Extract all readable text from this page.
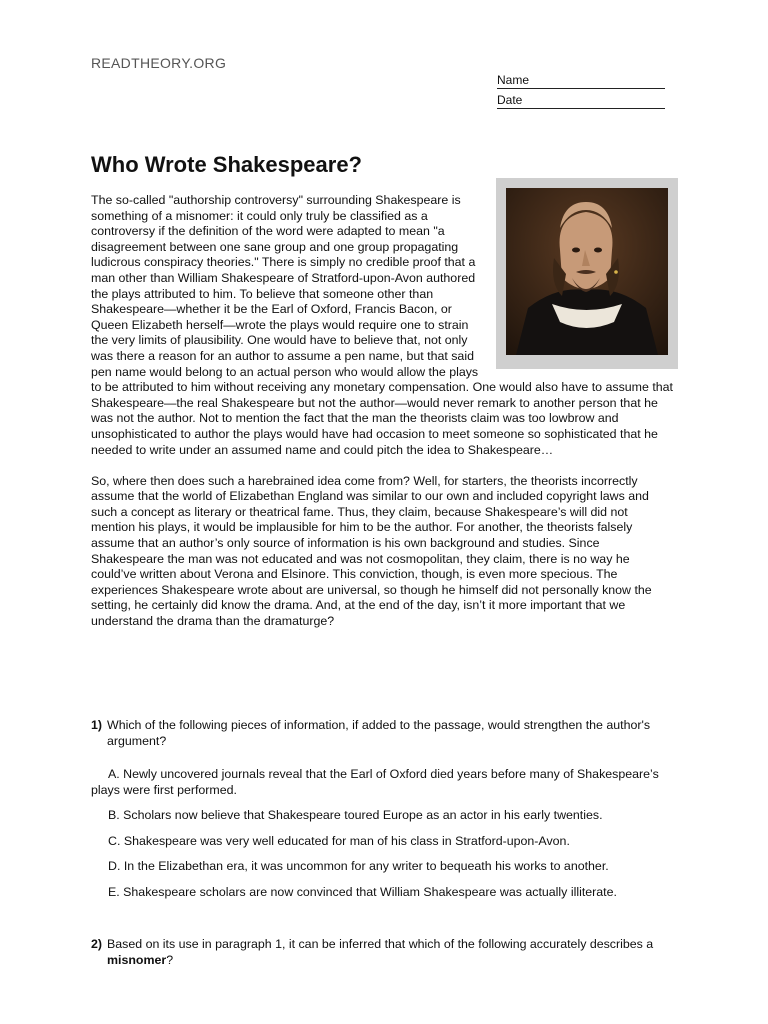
READTHEORY.ORG
Name
Date
Who Wrote Shakespeare?

The so-called "authorship controversy" surrounding Shakespeare is something of a misnomer: it could only truly be classified as a controversy if the definition of the word were adapted to mean "a disagreement between one sane group and one group propagating ludicrous conspiracy theories." There is simply no credible proof that a man other than William Shakespeare of Stratford-upon-Avon authored the plays attributed to him. To believe that someone other than Shakespeare—whether it be the Earl of Oxford, Francis Bacon, or Queen Elizabeth herself—wrote the plays would require one to strain the very limits of plausibility. One would have to believe that, not only was there a reason for an author to assume a pen name, but that said pen name would belong to an actual person who would allow the plays to be attributed to him without receiving any monetary compensation. One would also have to assume that Shakespeare—the real Shakespeare but not the author—would never remark to another person that he was not the author. Not to mention the fact that the man the theorists claim was too lowbrow and unsophisticated to author the plays would have had occasion to meet someone so sophisticated that he needed to write under an assumed name and could pitch the idea to Shakespeare…

So, where then does such a harebrained idea come from? Well, for starters, the theorists incorrectly assume that the world of Elizabethan England was similar to our own and included copyright laws and such a concept as literary or theatrical fame. Thus, they claim, because Shakespeare’s will did not mention his plays, it would be implausible for him to be the author. For another, the theorists falsely assume that an author’s only source of information is his own background and studies. Since Shakespeare the man was not educated and was not cosmopolitan, they claim, there is no way he could’ve written about Verona and Elsinore. This conviction, though, is even more specious. The experiences Shakespeare wrote about are universal, so though he himself did not personally know the setting, he certainly did know the drama. And, at the end of the day, isn’t it more important that we understand the drama than the dramaturge?

1) Which of the following pieces of information, if added to the passage, would strengthen the author's argument?
A. Newly uncovered journals reveal that the Earl of Oxford died years before many of Shakespeare’s plays were first performed.
B. Scholars now believe that Shakespeare toured Europe as an actor in his early twenties.
C. Shakespeare was very well educated for man of his class in Stratford-upon-Avon.
D. In the Elizabethan era, it was uncommon for any writer to bequeath his works to another.
E. Shakespeare scholars are now convinced that William Shakespeare was actually illiterate.
2) Based on its use in paragraph 1, it can be inferred that which of the following accurately describes a misnomer?
